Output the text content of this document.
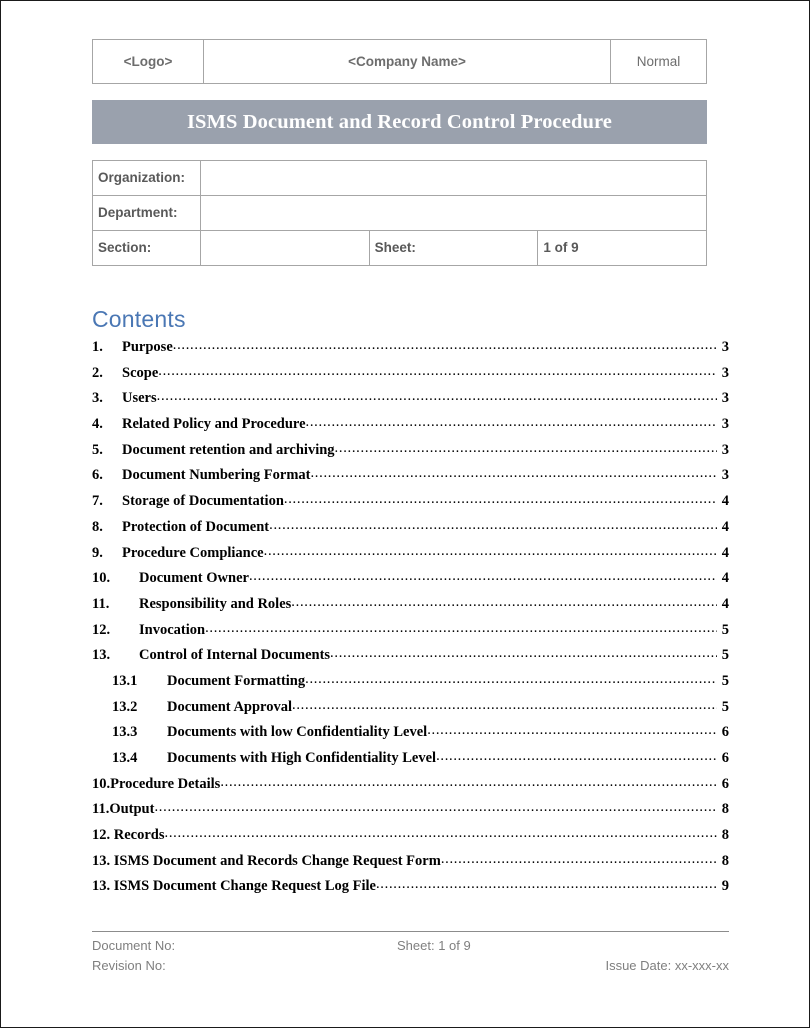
<Logo>	<Company Name>	Normal
ISMS Document and Record Control Procedure
Organization:			
Department:			
Section:		Sheet:	1 of 9
Contents
1.	Purpose .....	3
2.	Scope .....	3
3.	Users .....	3
4.	Related Policy and Procedure .....	3
5.	Document retention and archiving .....	3
6.	Document Numbering Format .....	3
7.	Storage of Documentation .....	4
8.	Protection of Document .....	4
9.	Procedure Compliance .....	4
10.	Document Owner .....	4
11.	Responsibility and Roles .....	4
12.	Invocation .....	5
13.	Control of Internal Documents .....	5
13.1	Document Formatting .....	5
13.2	Document Approval .....	5
13.3	Documents with low Confidentiality Level .....	6
13.4	Documents with High Confidentiality Level .....	6
10.Procedure Details .....	6
11.Output .....	8
12. Records .....	8
13. ISMS Document and Records Change Request Form .....	8
13. ISMS Document Change Request Log File .....	9
Document No:	Sheet: 1 of 9
Revision No:	Issue Date: xx-xxx-xx
